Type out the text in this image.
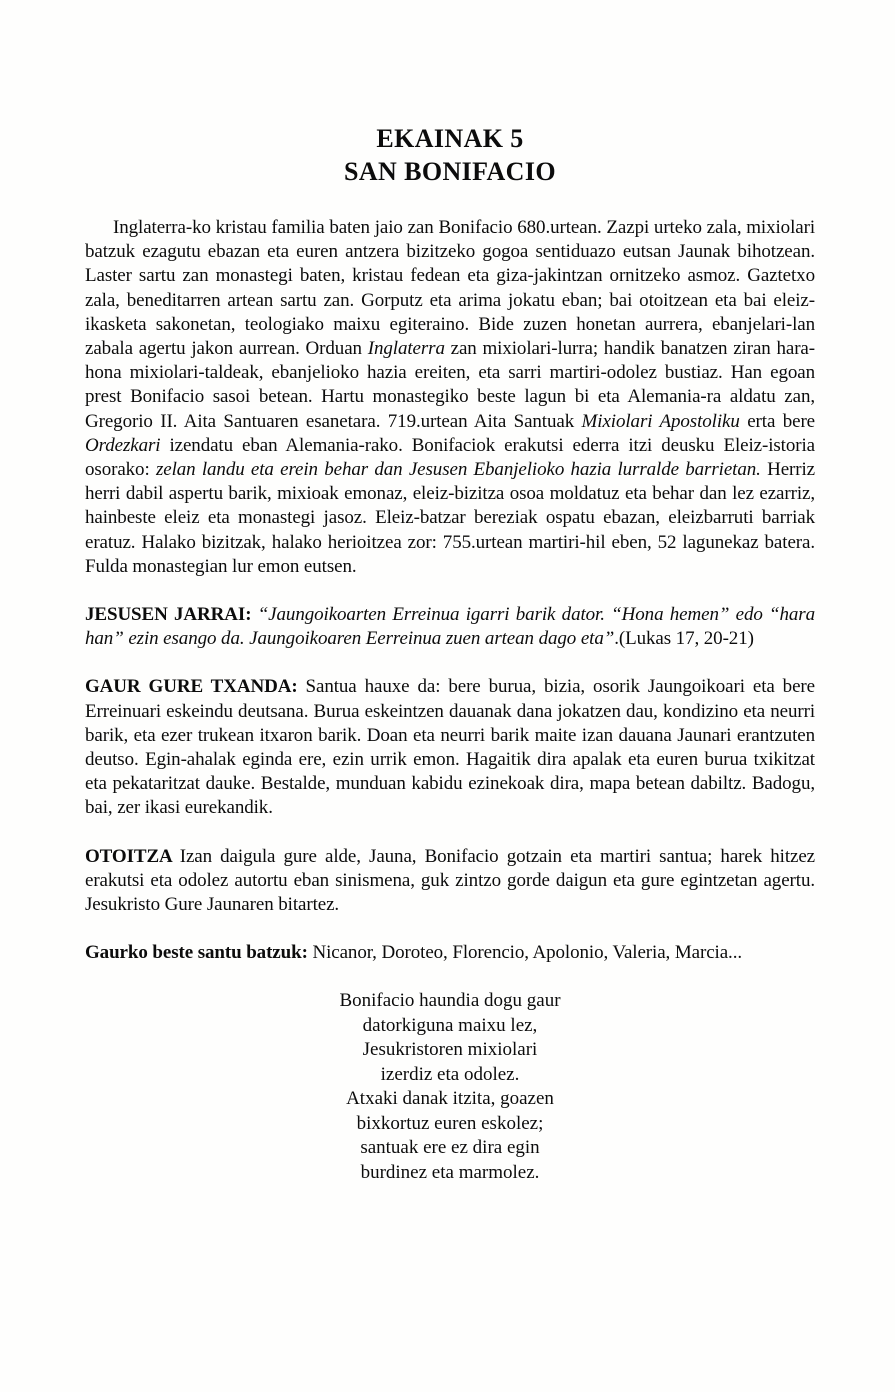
EKAINAK 5
SAN BONIFACIO

Inglaterra-ko kristau familia baten jaio zan Bonifacio 680.urtean. Zazpi urteko zala, mixiolari batzuk ezagutu ebazan eta euren antzera bizitzeko gogoa sentiduazo eutsan Jaunak bihotzean. Laster sartu zan monastegi baten, kristau fedean eta giza-jakintzan ornitzeko asmoz. Gaztetxo zala, beneditarren artean sartu zan. Gorputz eta arima jokatu eban; bai otoitzean eta bai eleiz-ikasketa sakonetan, teologiako maixu egiteraino. Bide zuzen honetan aurrera, ebanjelari-lan zabala agertu jakon aurrean. Orduan Inglaterra zan mixiolari-lurra; handik banatzen ziran hara-hona mixiolari-taldeak, ebanjelioko hazia ereiten, eta sarri martiri-odolez bustiaz. Han egoan prest Bonifacio sasoi betean. Hartu monastegiko beste lagun bi eta Alemania-ra aldatu zan, Gregorio II. Aita Santuaren esanetara. 719.urtean Aita Santuak Mixiolari Apostoliku erta bere Ordezkari izendatu eban Alemania-rako. Bonifaciok erakutsi ederra itzi deusku Eleiz-istoria osorako: zelan landu eta erein behar dan Jesusen Ebanjelioko hazia lurralde barrietan. Herriz herri dabil aspertu barik, mixioak emonaz, eleiz-bizitza osoa moldatuz eta behar dan lez ezarriz, hainbeste eleiz eta monastegi jasoz. Eleiz-batzar bereziak ospatu ebazan, eleizbarruti barriak eratuz. Halako bizitzak, halako herioitzea zor: 755.urtean martiri-hil eben, 52 lagunekaz batera. Fulda monastegian lur emon eutsen.

JESUSEN JARRAI: “Jaungoikoarten Erreinua igarri barik dator. “Hona hemen” edo “hara han” ezin esango da. Jaungoikoaren Eerreinua zuen artean dago eta”.(Lukas 17, 20-21)

GAUR GURE TXANDA: Santua hauxe da: bere burua, bizia, osorik Jaungoikoari eta bere Erreinuari eskeindu deutsana. Burua eskeintzen dauanak dana jokatzen dau, kondizino eta neurri barik, eta ezer trukean itxaron barik. Doan eta neurri barik maite izan dauana Jaunari erantzuten deutso. Egin-ahalak eginda ere, ezin urrik emon. Hagaitik dira apalak eta euren burua txikitzat eta pekataritzat dauke. Bestalde, munduan kabidu ezinekoak dira, mapa betean dabiltz. Badogu, bai, zer ikasi eurekandik.

OTOITZA Izan daigula gure alde, Jauna, Bonifacio gotzain eta martiri santua; harek hitzez erakutsi eta odolez autortu eban sinismena, guk zintzo gorde daigun eta gure egintzetan agertu. Jesukristo Gure Jaunaren bitartez.

Gaurko beste santu batzuk: Nicanor, Doroteo, Florencio, Apolonio, Valeria, Marcia...

Bonifacio haundia dogu gaur
datorkiguna maixu lez,
Jesukristoren mixiolari
izerdiz eta odolez.
Atxaki danak itzita, goazen
bixkortuz euren eskolez;
santuak ere ez dira egin
burdinez eta marmolez.
